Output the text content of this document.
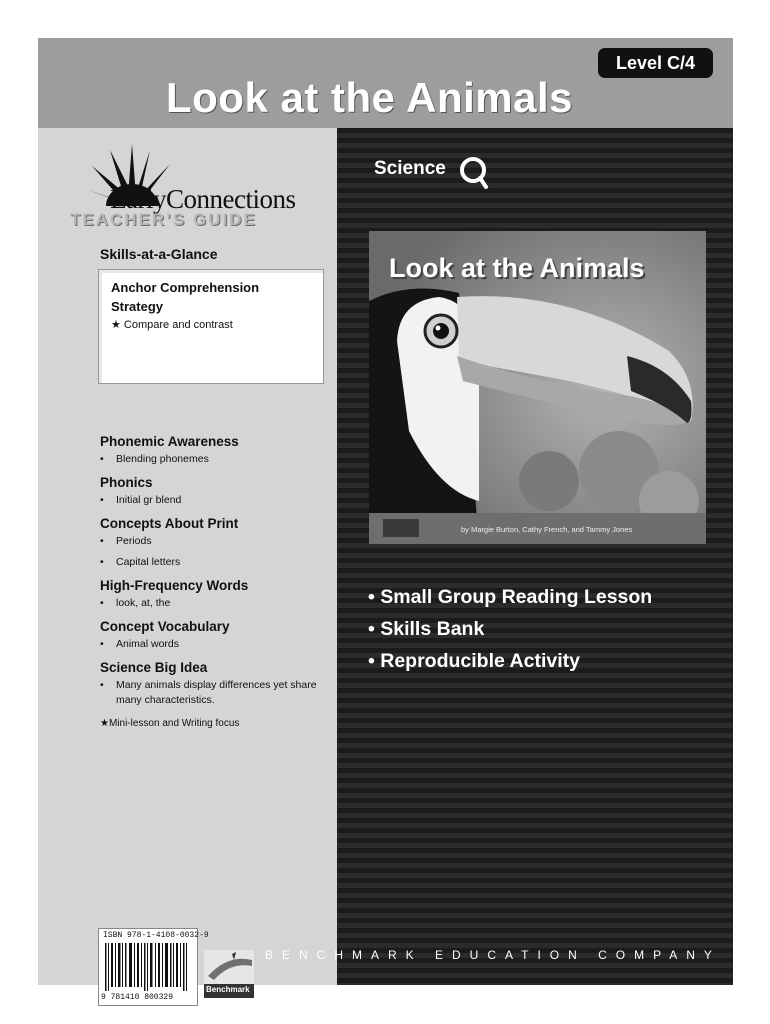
Level C/4
Look at the Animals
EarlyConnections
TEACHER’S GUIDE
Skills-at-a-Glance
Anchor Comprehension Strategy
★ Compare and contrast
Phonemic Awareness
• Blending phonemes
Phonics
• Initial gr blend
Concepts About Print
• Periods
• Capital letters
High-Frequency Words
• look, at, the
Concept Vocabulary
• Animal words
Science Big Idea
• Many animals display differences yet share many characteristics.
★Mini-lesson and Writing focus
ISBN 978-1-4108-0032-9
9 781410 800329
Benchmark
Science
Look at the Animals
by Margie Burton, Cathy French, and Tammy Jones
• Small Group Reading Lesson
• Skills Bank
• Reproducible Activity
BENCHMARK EDUCATION COMPANY
